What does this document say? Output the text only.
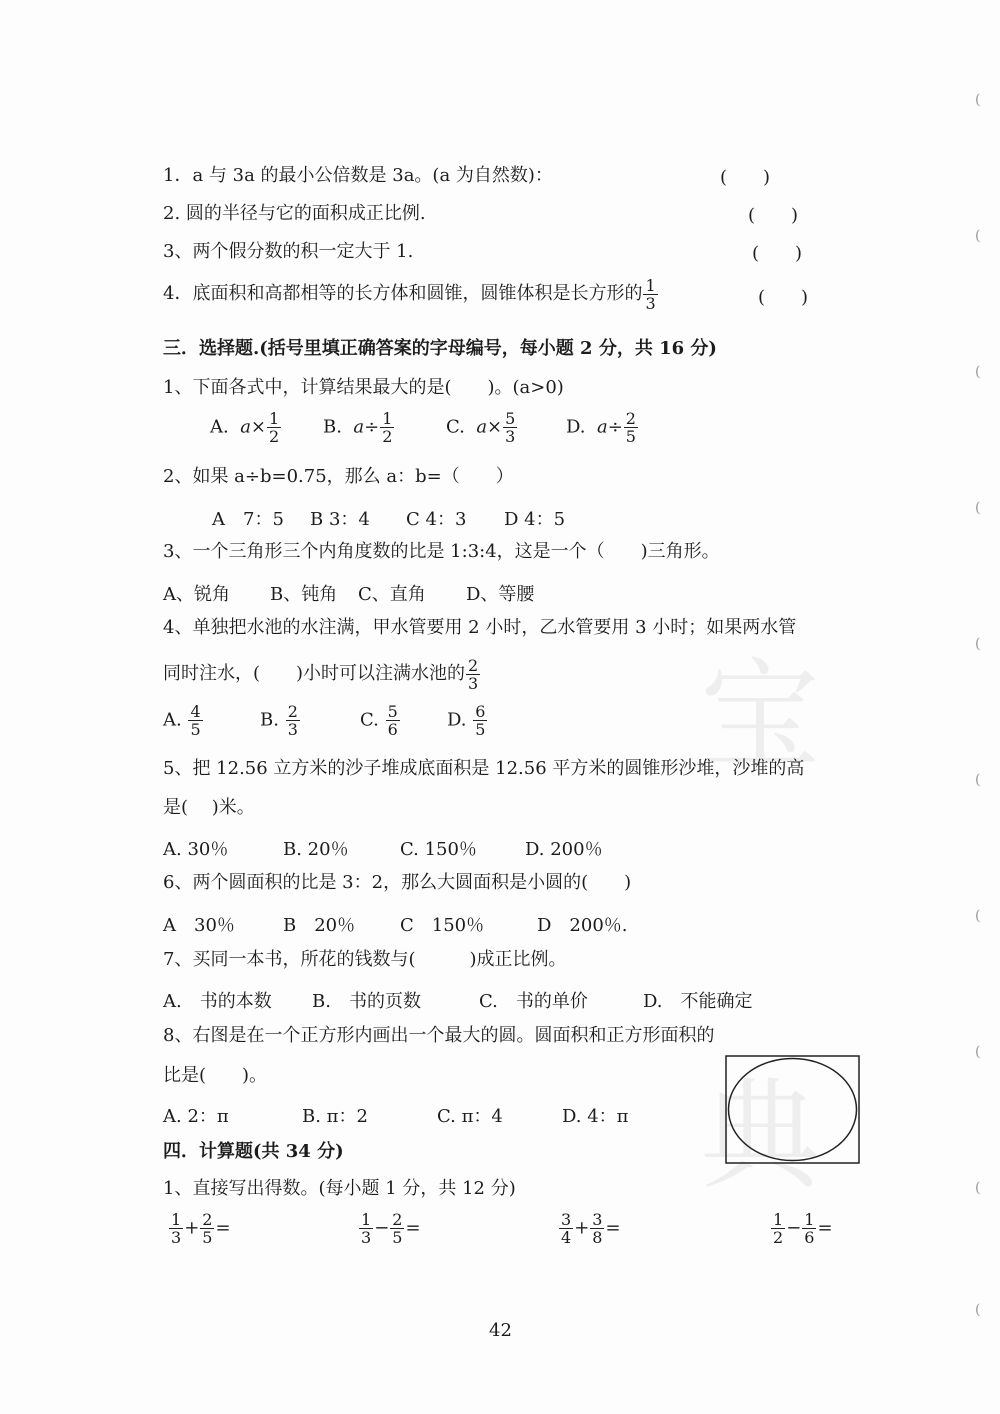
宝
典
(
(
(
(
(
(
(
(
(
(
1．a 与 3a 的最小公倍数是 3a。(a 为自然数)：	(　　)
2. 圆的半径与它的面积成正比例.	(　　)
3、两个假分数的积一定大于 1.	(　　)
4．底面积和高都相等的长方体和圆锥，圆锥体积是长方形的 $\frac{1}{3}$	(　　)
三．选择题.(括号里填正确答案的字母编号，每小题 2 分，共 16 分)
1、下面各式中，计算结果最大的是(　　)。(a>0)
A. $a\times \frac{1}{2} B$. $a\div \frac{1}{2}$	C. $a\times \frac{5}{3}$	D. $a\div \frac{2}{5}$
2、如果 a÷b=0.75，那么 a：b=（　　）
A　7：5 B 3：4 C 4：3 D 4：5
3、一个三角形三个内角度数的比是 1:3:4，这是一个（　　)三角形。
A、锐角 B、钝角 C、直角 D、等腰
4、单独把水池的水注满，甲水管要用 2 小时，乙水管要用 3 小时；如果两水管
同时注水，(　　)小时可以注满水池的 $\frac{2}{3}$
A. $\frac{4}{5}$	B. $\frac{2}{3}$	C. $\frac{5}{6}$	D. $\frac{6}{5}$
5、把 12.56 立方米的沙子堆成底面积是 12.56 平方米的圆锥形沙堆，沙堆的高
是(　 )米。
A. 30％	B. 20％	C. 150％	D. 200％
6、两个圆面积的比是 3：2，那么大圆面积是小圆的(　　)
A　30％	B　20％ C　150％	D　200％.
7、买同一本书，所花的钱数与(　　　)成正比例。
A.　书的本数 B.　书的页数	C.　书的单价	D.　不能确定
8、右图是在一个正方形内画出一个最大的圆。圆面积和正方形面积的
比是(　　)。
A. 2：π	B. π：2	C. π：4	D. 4：π
四．计算题(共 34 分)
1、直接写出得数。(每小题 1 分，共 12 分)
$\frac{1}{3} + \frac{2}{5}$ =	$\frac{1}{3} - \frac{2}{5}$ =	$\frac{3}{4} + \frac{3}{8}$ =	$\frac{1}{2} - \frac{1}{6}$ =
42
